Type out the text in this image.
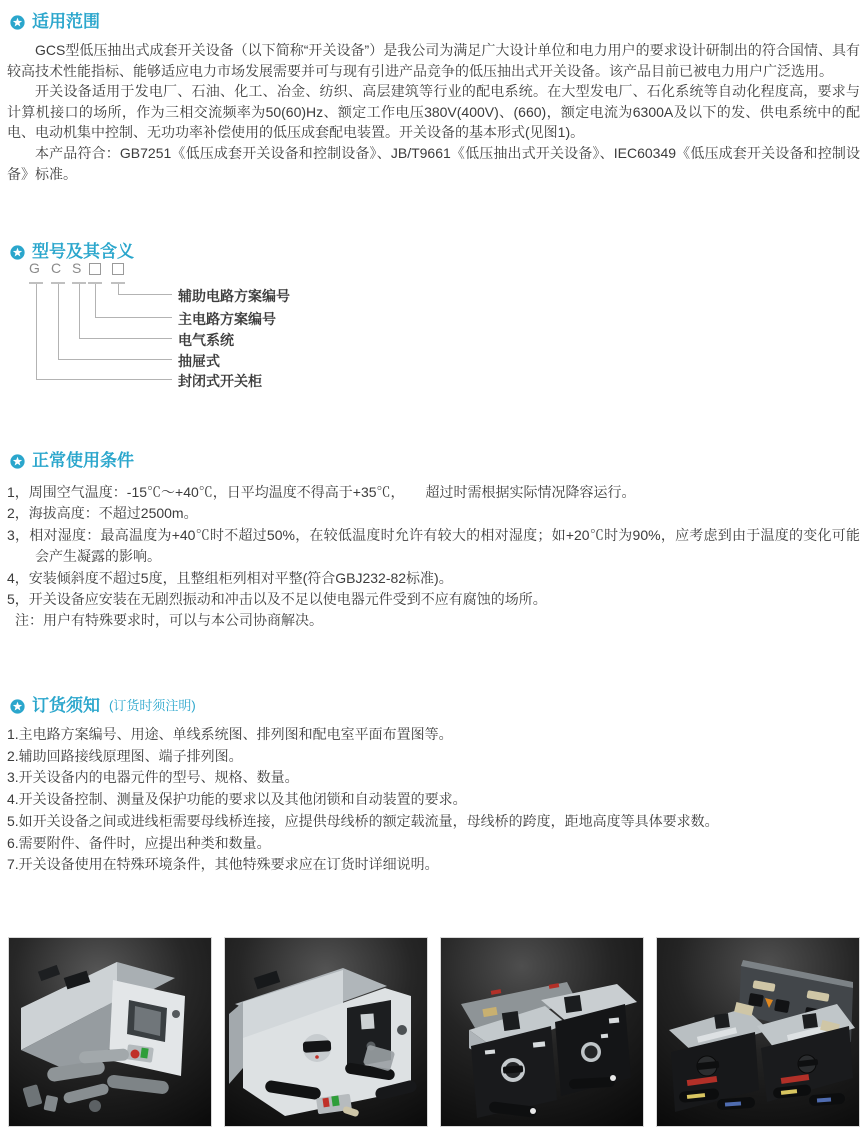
适用范围

GCS型低压抽出式成套开关设备（以下简称“开关设备”）是我公司为满足广大设计单位和电力用户的要求设计研制出的符合国情、具有较高技术性能指标、能够适应电力市场发展需要并可与现有引进产品竞争的低压抽出式开关设备。该产品目前已被电力用户广泛选用。

开关设备适用于发电厂、石油、化工、冶金、纺织、高层建筑等行业的配电系统。在大型发电厂、石化系统等自动化程度高，要求与计算机接口的场所，作为三相交流频率为50(60)Hz、额定工作电压380V(400V)、(660)，额定电流为6300A及以下的发、供电系统中的配电、电动机集中控制、无功功率补偿使用的低压成套配电装置。开关设备的基本形式(见图1)。

本产品符合：GB7251《低压成套开关设备和控制设备》、JB/T9661《低压抽出式开关设备》、IEC60349《低压成套开关设备和控制设备》标准。

型号及其含义
G C S
辅助电路方案编号
主电路方案编号
电气系统
抽屉式
封闭式开关柜
正常使用条件

1，周围空气温度：-15℃～+40℃，日平均温度不得高于+35℃，　　超过时需根据实际情况降容运行。

2，海拔高度：不超过2500m。

3，相对湿度：最高温度为+40℃时不超过50%，在较低温度时允许有较大的相对湿度；如+20℃时为90%，应考虑到由于温度的变化可能会产生凝露的影响。

4，安装倾斜度不超过5度，且整组柜列相对平整(符合GBJ232-82标准)。

5，开关设备应安装在无剧烈振动和冲击以及不足以使电器元件受到不应有腐蚀的场所。

注：用户有特殊要求时，可以与本公司协商解决。

订货须知 (订货时须注明)

1.主电路方案编号、用途、单线系统图、排列图和配电室平面布置图等。

2.辅助回路接线原理图、端子排列图。

3.开关设备内的电器元件的型号、规格、数量。

4.开关设备控制、测量及保护功能的要求以及其他闭锁和自动装置的要求。

5.如开关设备之间或进线柜需要母线桥连接，应提供母线桥的额定载流量，母线桥的跨度，距地高度等具体要求数。

6.需要附件、备件时，应提出种类和数量。

7.开关设备使用在特殊环境条件，其他特殊要求应在订货时详细说明。
